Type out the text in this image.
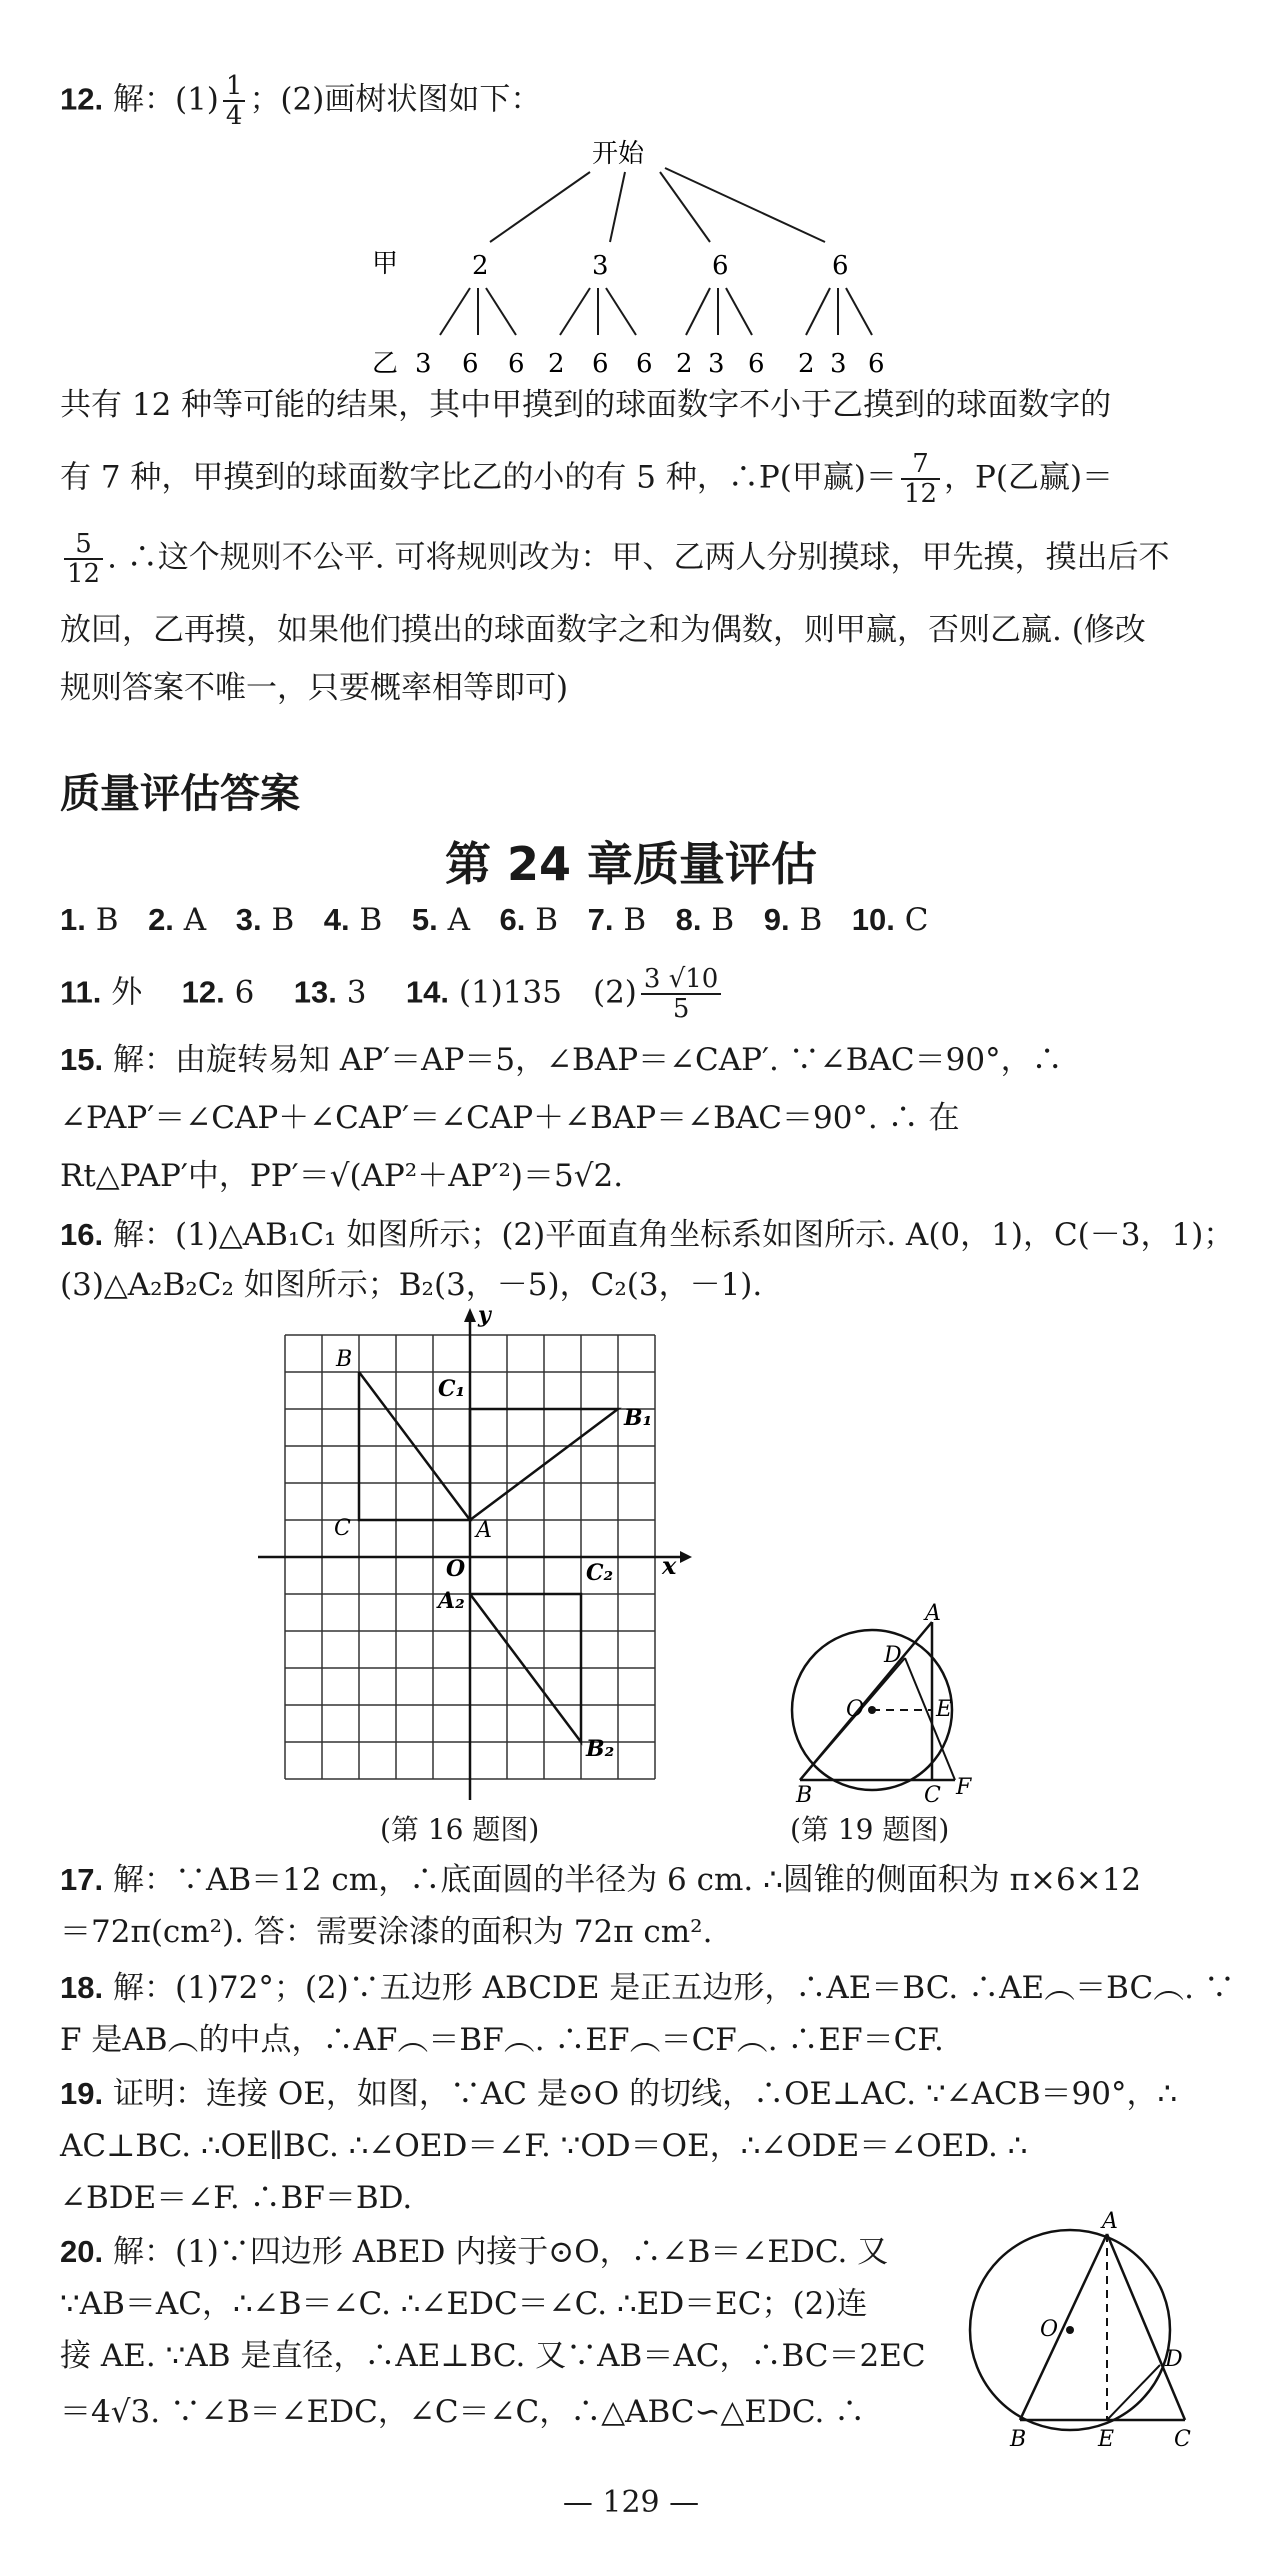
12. 解：$(1) \frac{1}{4}$ ；(2)画树状图如下：
开始
甲	2	3	6	6
乙 3 6 6 2 6 6 2 3 6 2 3 6
共有 12 种等可能的结果，其中甲摸到的球面数字不小于乙摸到的球面数字的
有 7 种，甲摸到的球面数字比乙的小的有 5 种，∴P(甲赢)＝ $\frac{7}{12}$ ，P(乙赢)＝
$\frac{5}{12}$ . ∴这个规则不公平. 可将规则改为：甲、乙两人分别摸球，甲先摸，摸出后不
放回，乙再摸，如果他们摸出的球面数字之和为偶数，则甲赢，否则乙赢. (修改
规则答案不唯一，只要概率相等即可)
质量评估答案
第 24 章质量评估
1. B 2. A 3. B 4. B 5. A 6. B 7. B 8. B 9. B 10. C
11. 外 12. 6 13. 3 14. (1)135　$(2) \frac{3 √10}{5}$
15. 解：由旋转易知 AP′＝AP＝5，∠BAP＝∠CAP′. ∵∠BAC＝90°，∴
∠PAP′＝∠CAP＋∠CAP′＝∠CAP＋∠BAP＝∠BAC＝90°. ∴ 在
Rt△PAP′中，PP′＝√(AP²＋AP′²)＝5√2.
16. 解：(1)△AB₁C₁ 如图所示；(2)平面直角坐标系如图所示. A(0，1)，C(－3，1)；
(3)△A₂B₂C₂ 如图所示；B₂(3，－5)，C₂(3，－1).
B
C₁
B₁
C
O
A
C₂
A₂
B₂
x
y
A
D
O	E
B	C F
A
O
D
B	E	C
(第 16 题图)	(第 19 题图)
17. 解：∵AB＝12 cm，∴底面圆的半径为 6 cm. ∴圆锥的侧面积为 π×6×12
＝72π(cm²). 答：需要涂漆的面积为 72π cm².
18. 解：(1)72°；(2)∵五边形 ABCDE 是正五边形，∴AE＝BC. ∴AE︵＝BC︵. ∵
F 是AB︵的中点，∴AF︵＝BF︵. ∴EF︵＝CF︵. ∴EF＝CF.
19. 证明：连接 OE，如图，∵AC 是⊙O 的切线，∴OE⊥AC. ∵∠ACB＝90°，∴
AC⊥BC. ∴OE∥BC. ∴∠OED＝∠F. ∵OD＝OE，∴∠ODE＝∠OED. ∴
∠BDE＝∠F. ∴BF＝BD.
20. 解：(1)∵四边形 ABED 内接于⊙O，∴∠B＝∠EDC. 又
∵AB＝AC，∴∠B＝∠C. ∴∠EDC＝∠C. ∴ED＝EC；(2)连
接 AE. ∵AB 是直径，∴AE⊥BC. 又∵AB＝AC，∴BC＝2EC
＝4√3. ∵∠B＝∠EDC，∠C＝∠C，∴△ABC∽△EDC. ∴
— 129 —
